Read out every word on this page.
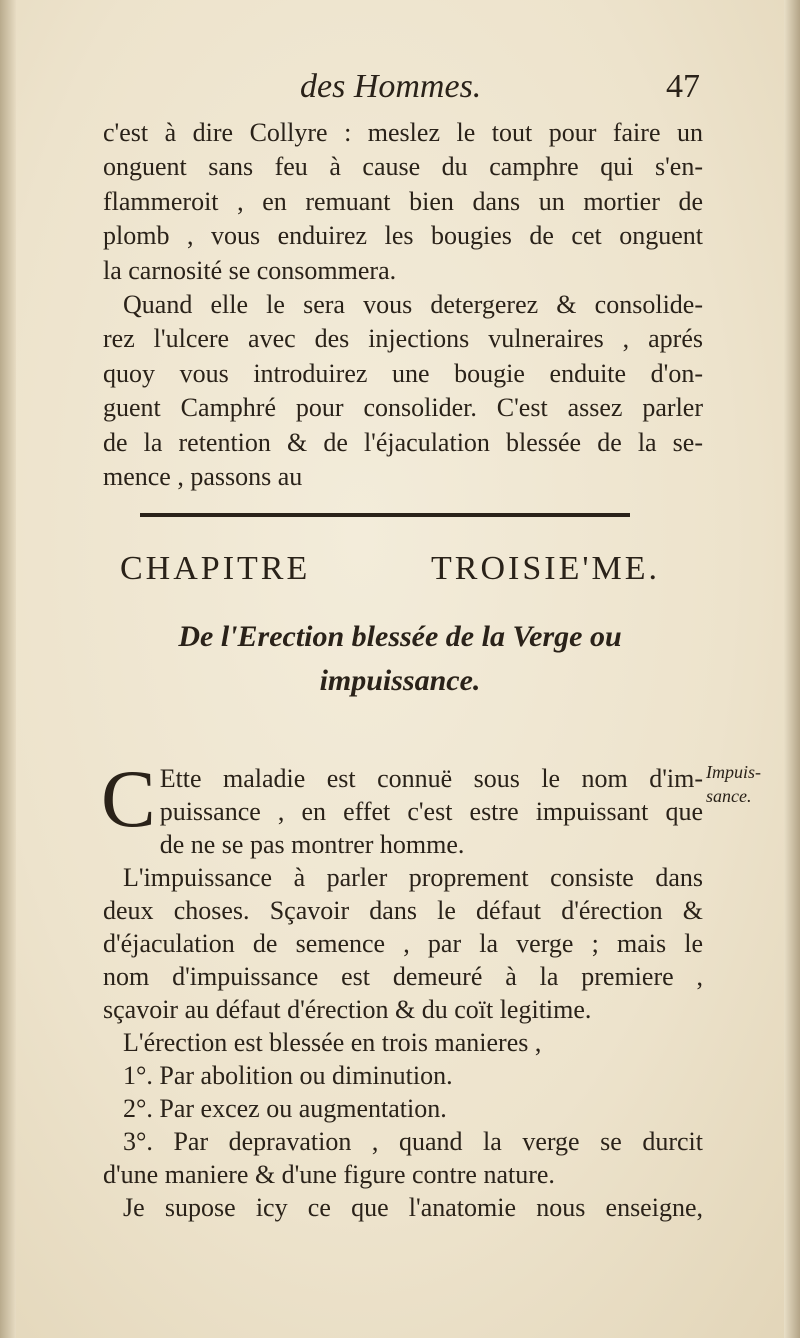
des Hommes.	47
c'est à dire Collyre : meslez le tout pour faire un
onguent sans feu à cause du camphre qui s'en-
flammeroit , en remuant bien dans un mortier de
plomb , vous enduirez les bougies de cet onguent
la carnosité se consommera.
Quand elle le sera vous detergerez & consolide-
rez l'ulcere avec des injections vulneraires , aprés
quoy vous introduirez une bougie enduite d'on-
guent Camphré pour consolider. C'est assez parler
de la retention & de l'éjaculation blessée de la se-
mence , passons au
CHAPITRE TROISIE'ME.
De l'Erection blessée de la Verge ou
impuissance.
Impuis-
sance.
C Ette maladie est connuë sous le nom d'im-
puissance , en effet c'est estre impuissant que
de ne se pas montrer homme.
L'impuissance à parler proprement consiste dans
deux choses. Sçavoir dans le défaut d'érection &
d'éjaculation de semence , par la verge ; mais le
nom d'impuissance est demeuré à la premiere ,
sçavoir au défaut d'érection & du coït legitime.
L'érection est blessée en trois manieres ,
1°. Par abolition ou diminution.
2°. Par excez ou augmentation.
3°. Par depravation , quand la verge se durcit
d'une maniere & d'une figure contre nature.
Je supose icy ce que l'anatomie nous enseigne,
